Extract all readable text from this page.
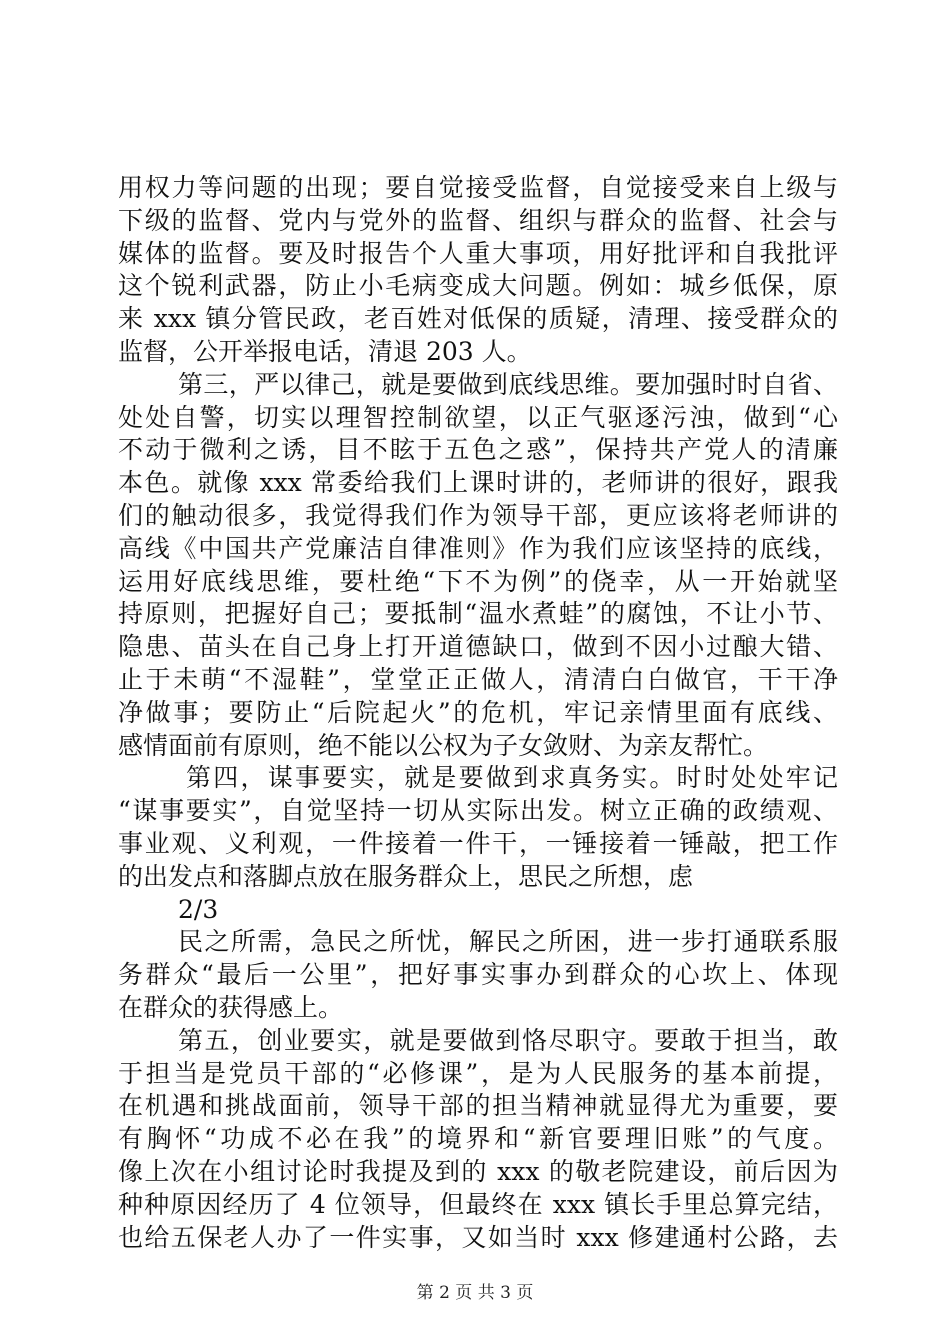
用权力等问题的出现；要自觉接受监督，自觉接受来自上级与
下级的监督、党内与党外的监督、组织与群众的监督、社会与
媒体的监督。要及时报告个人重大事项，用好批评和自我批评
这个锐利武器，防止小毛病变成大问题。例如：城乡低保，原
来 xxx 镇分管民政，老百姓对低保的质疑，清理、接受群众的
监督，公开举报电话，清退 203 人。
第三，严以律己，就是要做到底线思维。要加强时时自省、
处处自警，切实以理智控制欲望，以正气驱逐污浊，做到“心
不动于微利之诱，目不眩于五色之惑”，保持共产党人的清廉
本色。就像 xxx 常委给我们上课时讲的，老师讲的很好，跟我
们的触动很多，我觉得我们作为领导干部，更应该将老师讲的
高线《中国共产党廉洁自律准则》作为我们应该坚持的底线，
运用好底线思维，要杜绝“下不为例”的侥幸，从一开始就坚
持原则，把握好自己；要抵制“温水煮蛙”的腐蚀，不让小节、
隐患、苗头在自己身上打开道德缺口，做到不因小过酿大错、
止于未萌“不湿鞋”，堂堂正正做人，清清白白做官，干干净
净做事；要防止“后院起火”的危机，牢记亲情里面有底线、
感情面前有原则，绝不能以公权为子女敛财、为亲友帮忙。
第四，谋事要实，就是要做到求真务实。时时处处牢记
“谋事要实”，自觉坚持一切从实际出发。树立正确的政绩观、
事业观、义利观，一件接着一件干，一锤接着一锤敲，把工作
的出发点和落脚点放在服务群众上，思民之所想，虑
2/3
民之所需，急民之所忧，解民之所困，进一步打通联系服
务群众“最后一公里”，把好事实事办到群众的心坎上、体现
在群众的获得感上。
第五，创业要实，就是要做到恪尽职守。要敢于担当，敢
于担当是党员干部的“必修课”，是为人民服务的基本前提，
在机遇和挑战面前，领导干部的担当精神就显得尤为重要，要
有胸怀“功成不必在我”的境界和“新官要理旧账”的气度。
像上次在小组讨论时我提及到的 xxx 的敬老院建设，前后因为
种种原因经历了 4 位领导，但最终在 xxx 镇长手里总算完结，
也给五保老人办了一件实事，又如当时 xxx 修建通村公路，去
第 2 页 共 3 页
